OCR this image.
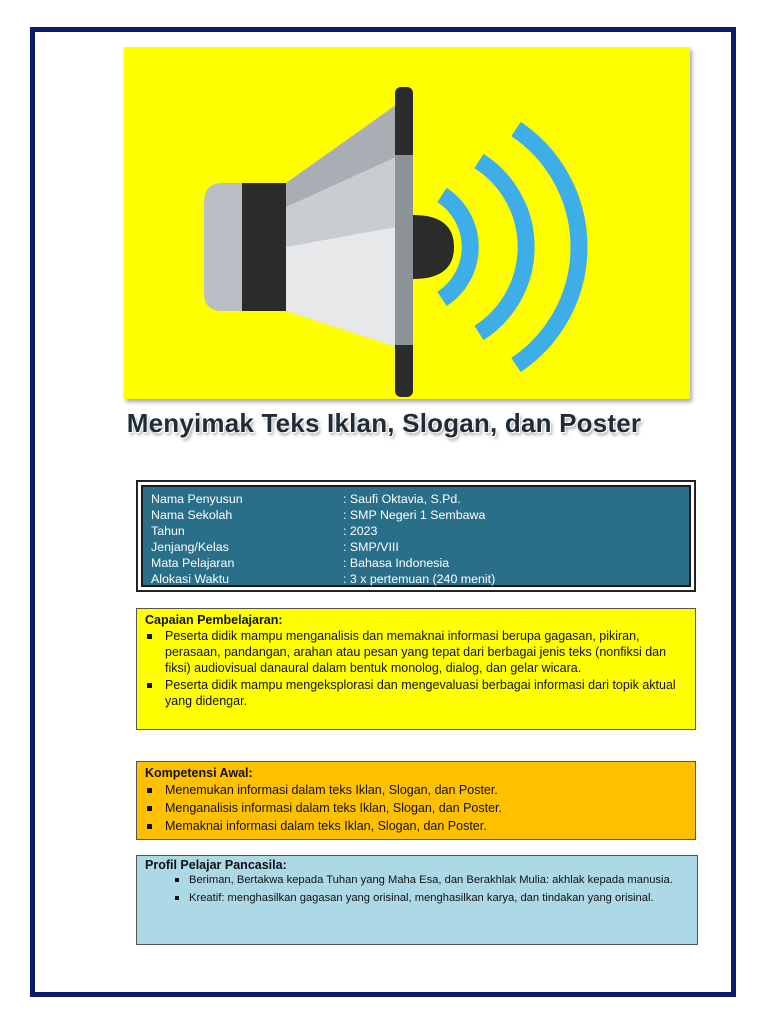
Menyimak Teks Iklan, Slogan, dan Poster
Nama Penyusun	: Saufi Oktavia, S.Pd.
Nama Sekolah	: SMP Negeri 1 Sembawa
Tahun	: 2023
Jenjang/Kelas	: SMP/VIII
Mata Pelajaran	: Bahasa Indonesia
Alokasi Waktu	: 3 x pertemuan (240 menit)
Capaian Pembelajaran:
Peserta didik mampu menganalisis dan memaknai informasi berupa gagasan, pikiran, perasaan, pandangan, arahan atau pesan yang tepat dari berbagai jenis teks (nonfiksi dan fiksi) audiovisual danaural dalam bentuk monolog, dialog, dan gelar wicara.
Peserta didik mampu mengeksplorasi dan mengevaluasi berbagai informasi dari topik aktual yang didengar.
Kompetensi Awal:
Menemukan informasi dalam teks Iklan, Slogan, dan Poster.
Menganalisis informasi dalam teks Iklan, Slogan, dan Poster.
Memaknai informasi dalam teks Iklan, Slogan, dan Poster.
Profil Pelajar Pancasila:
Beriman, Bertakwa kepada Tuhan yang Maha Esa, dan Berakhlak Mulia: akhlak kepada manusia.
Kreatif: menghasilkan gagasan yang orisinal, menghasilkan karya, dan tindakan yang orisinal.
